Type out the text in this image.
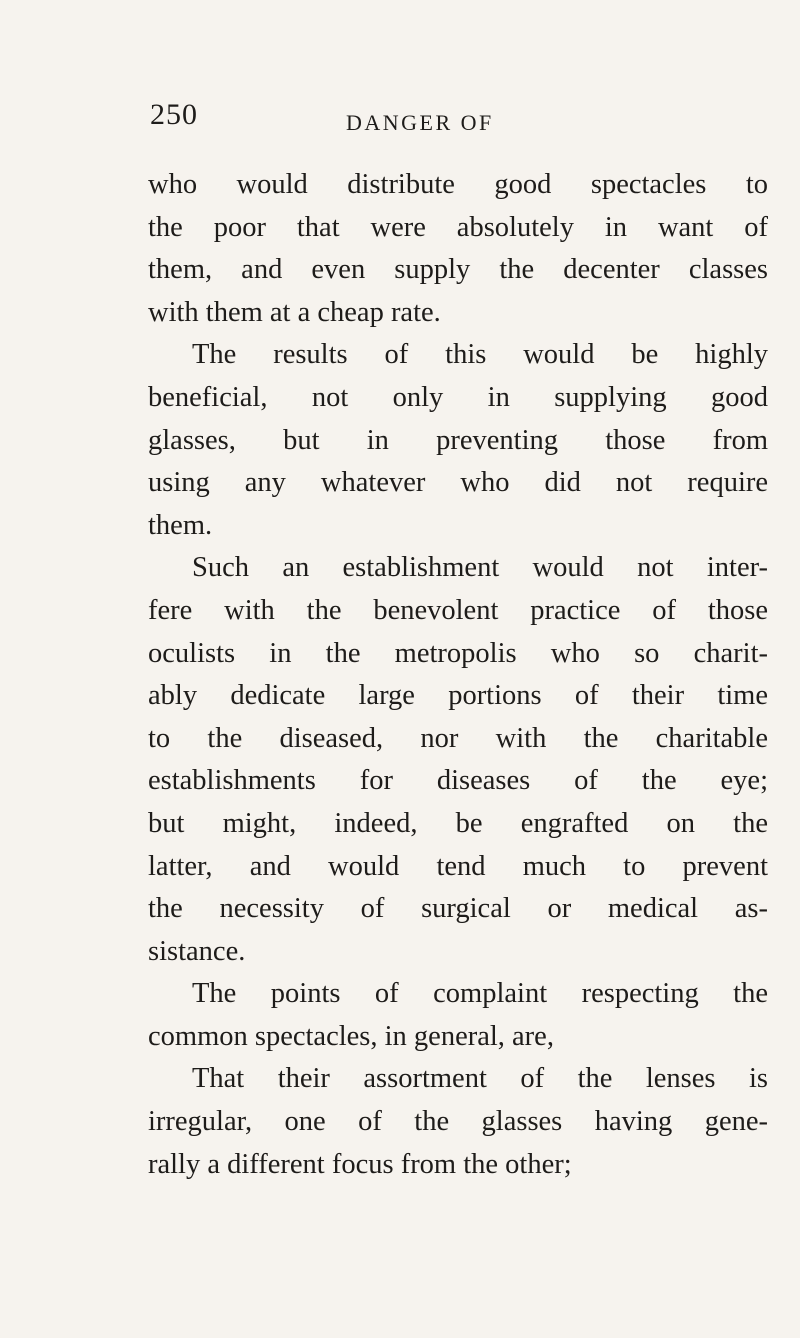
250	DANGER OF
who would distribute good spectacles to
the poor that were absolutely in want of
them, and even supply the decenter classes
with them at a cheap rate.
The results of this would be highly
beneficial, not only in supplying good
glasses, but in preventing those from
using any whatever who did not require
them.
Such an establishment would not inter-
fere with the benevolent practice of those
oculists in the metropolis who so charit-
ably dedicate large portions of their time
to the diseased, nor with the charitable
establishments for diseases of the eye;
but might, indeed, be engrafted on the
latter, and would tend much to prevent
the necessity of surgical or medical as-
sistance.
The points of complaint respecting the
common spectacles, in general, are,
That their assortment of the lenses is
irregular, one of the glasses having gene-
rally a different focus from the other;
